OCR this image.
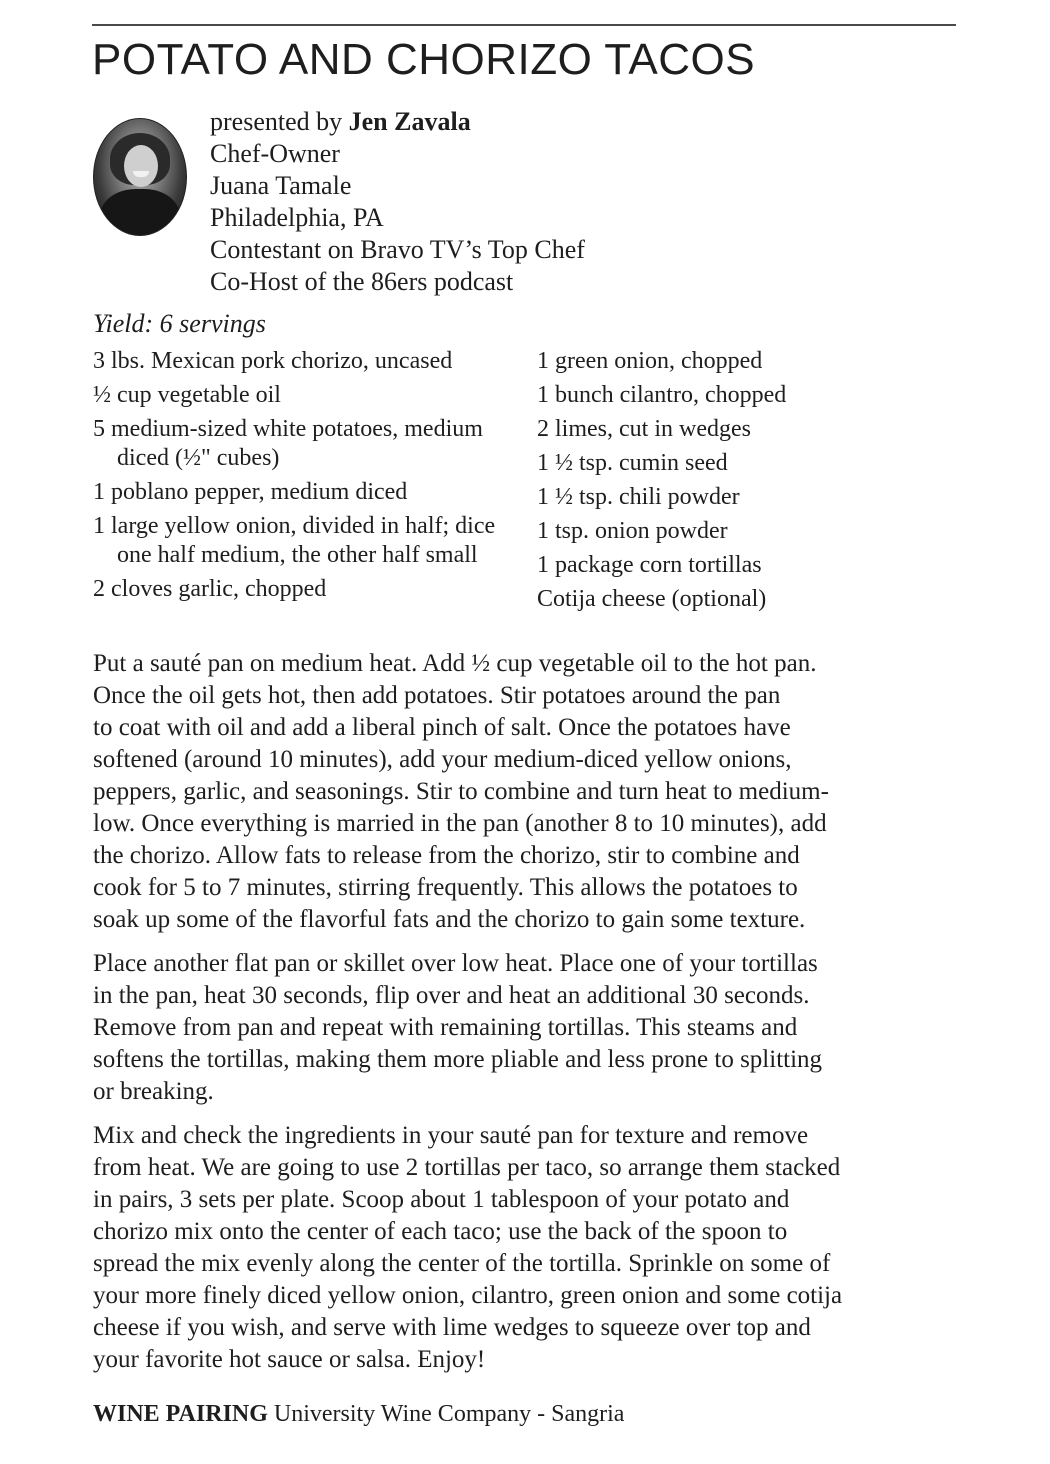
POTATO AND CHORIZO TACOS
presented by Jen Zavala
Chef-Owner
Juana Tamale
Philadelphia, PA
Contestant on Bravo TV’s Top Chef
Co-Host of the 86ers podcast
Yield: 6 servings
3 lbs. Mexican pork chorizo, uncased
½ cup vegetable oil
5 medium-sized white potatoes, medium diced (½" cubes)
1 poblano pepper, medium diced
1 large yellow onion, divided in half; dice one half medium, the other half small
2 cloves garlic, chopped
1 green onion, chopped
1 bunch cilantro, chopped
2 limes, cut in wedges
1 ½ tsp. cumin seed
1 ½ tsp. chili powder
1 tsp. onion powder
1 package corn tortillas
Cotija cheese (optional)
Put a sauté pan on medium heat. Add ½ cup vegetable oil to the hot pan.
Once the oil gets hot, then add potatoes. Stir potatoes around the pan
to coat with oil and add a liberal pinch of salt. Once the potatoes have
softened (around 10 minutes), add your medium-diced yellow onions,
peppers, garlic, and seasonings. Stir to combine and turn heat to medium-
low. Once everything is married in the pan (another 8 to 10 minutes), add
the chorizo. Allow fats to release from the chorizo, stir to combine and
cook for 5 to 7 minutes, stirring frequently. This allows the potatoes to
soak up some of the flavorful fats and the chorizo to gain some texture.
Place another flat pan or skillet over low heat. Place one of your tortillas
in the pan, heat 30 seconds, flip over and heat an additional 30 seconds.
Remove from pan and repeat with remaining tortillas. This steams and
softens the tortillas, making them more pliable and less prone to splitting
or breaking.
Mix and check the ingredients in your sauté pan for texture and remove
from heat. We are going to use 2 tortillas per taco, so arrange them stacked
in pairs, 3 sets per plate. Scoop about 1 tablespoon of your potato and
chorizo mix onto the center of each taco; use the back of the spoon to
spread the mix evenly along the center of the tortilla. Sprinkle on some of
your more finely diced yellow onion, cilantro, green onion and some cotija
cheese if you wish, and serve with lime wedges to squeeze over top and
your favorite hot sauce or salsa. Enjoy!
WINE PAIRING University Wine Company - Sangria
